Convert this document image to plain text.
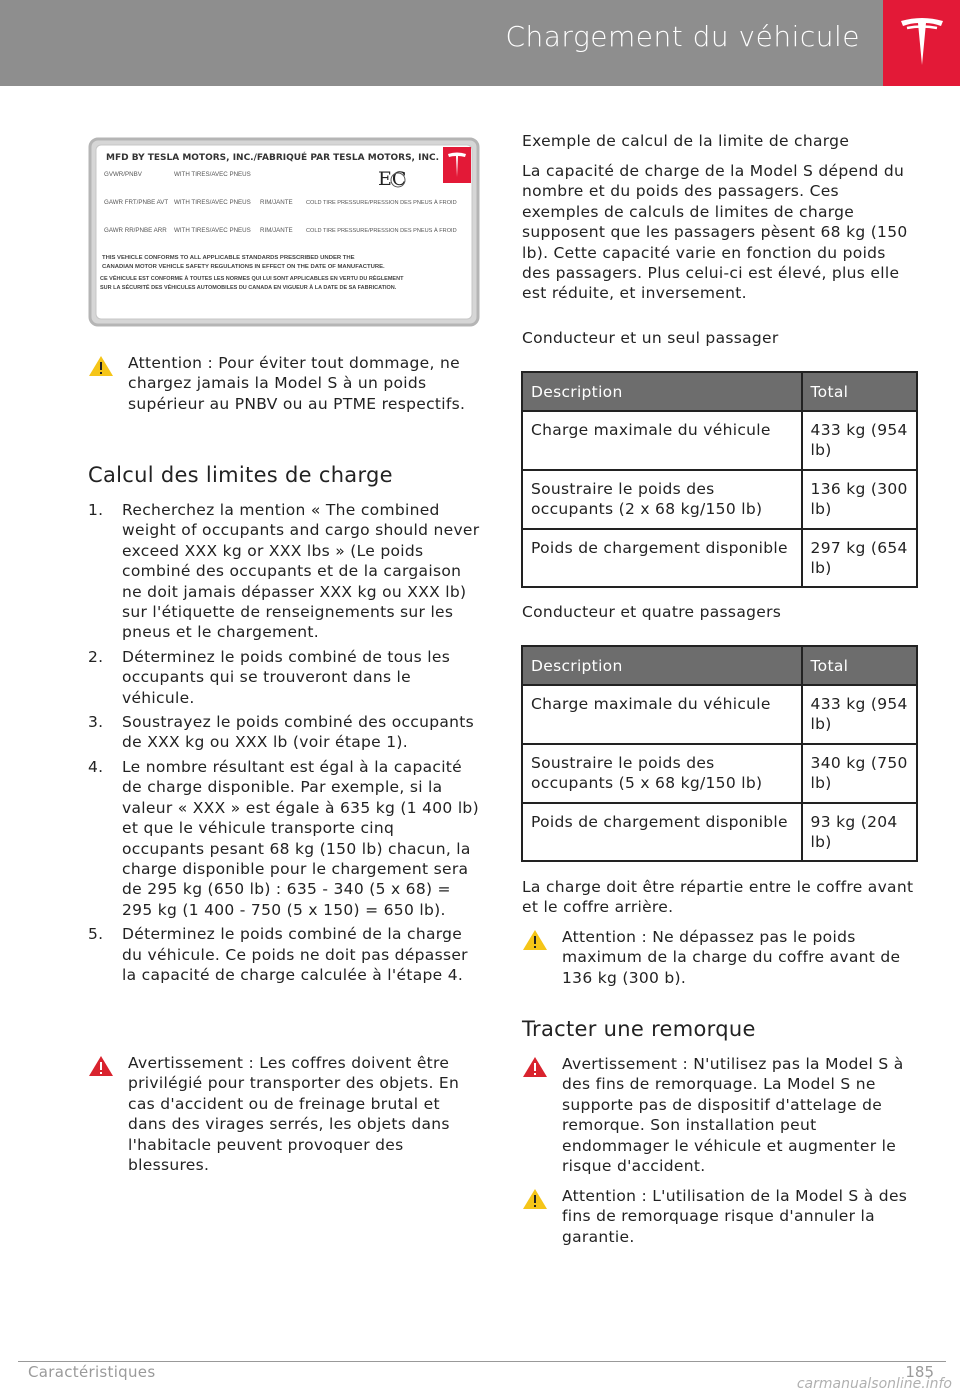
Chargement du véhicule
MFD BY TESLA MOTORS, INC./FABRIQUÉ PAR TESLA MOTORS, INC.
EC
GVWR/PNBV	WITH TIRES/AVEC PNEUS
GAWR FRT/PNBE AVT WITH TIRES/AVEC PNEUS RIM/JANTE COLD TIRE PRESSURE/PRESSION DES PNEUS À FROID
GAWR RR/PNBE ARR WITH TIRES/AVEC PNEUS RIM/JANTE COLD TIRE PRESSURE/PRESSION DES PNEUS À FROID
THIS VEHICLE CONFORMS TO ALL APPLICABLE STANDARDS PRESCRIBED UNDER THE
CANADIAN MOTOR VEHICLE SAFETY REGULATIONS IN EFFECT ON THE DATE OF MANUFACTURE.
CE VÉHICULE EST CONFORME À TOUTES LES NORMES QUI LUI SONT APPLICABLES EN VERTU DU RÈGLEMENT
SUR LA SÉCURITÉ DES VÉHICULES AUTOMOBILES DU CANADA EN VIGUEUR À LA DATE DE SA FABRICATION.
Attention : Pour éviter tout dommage, ne chargez jamais la Model S à un poids supérieur au PNBV ou au PTME respectifs.
Calcul des limites de charge
1. Recherchez la mention « The combined weight of occupants and cargo should never exceed XXX kg or XXX lbs » (Le poids combiné des occupants et de la cargaison ne doit jamais dépasser XXX kg ou XXX lb) sur l'étiquette de renseignements sur les pneus et le chargement.
2. Déterminez le poids combiné de tous les occupants qui se trouveront dans le véhicule.
3. Soustrayez le poids combiné des occupants de XXX kg ou XXX lb (voir étape 1).
4. Le nombre résultant est égal à la capacité de charge disponible. Par exemple, si la valeur « XXX » est égale à 635 kg (1 400 lb) et que le véhicule transporte cinq occupants pesant 68 kg (150 lb) chacun, la charge disponible pour le chargement sera de 295 kg (650 lb) : 635 - 340 (5 x 68) = 295 kg (1 400 - 750 (5 x 150) = 650 lb).
5. Déterminez le poids combiné de la charge du véhicule. Ce poids ne doit pas dépasser la capacité de charge calculée à l'étape 4.
Avertissement : Les coffres doivent être privilégié pour transporter des objets. En cas d'accident ou de freinage brutal et dans des virages serrés, les objets dans l'habitacle peuvent provoquer des blessures.
Exemple de calcul de la limite de charge
La capacité de charge de la Model S dépend du nombre et du poids des passagers. Ces exemples de calculs de limites de charge supposent que les passagers pèsent 68 kg (150 lb). Cette capacité varie en fonction du poids des passagers. Plus celui-ci est élevé, plus elle est réduite, et inversement.
Conducteur et un seul passager
Description	Total
Charge maximale du véhicule	433 kg (954 lb)
Soustraire le poids des occupants (2 x 68 kg/150 lb)	136 kg (300 lb)
Poids de chargement disponible	297 kg (654 lb)
Conducteur et quatre passagers
Description	Total
Charge maximale du véhicule	433 kg (954 lb)
Soustraire le poids des occupants (5 x 68 kg/150 lb)	340 kg (750 lb)
Poids de chargement disponible	93 kg (204 lb)
La charge doit être répartie entre le coffre avant et le coffre arrière.
Attention : Ne dépassez pas le poids maximum de la charge du coffre avant de 136 kg (300 b).
Tracter une remorque
Avertissement : N'utilisez pas la Model S à des fins de remorquage. La Model S ne supporte pas de dispositif d'attelage de remorque. Son installation peut endommager le véhicule et augmenter le risque d'accident.
Attention : L'utilisation de la Model S à des fins de remorquage risque d'annuler la garantie.
Caractéristiques	185
carmanualsonline.info
